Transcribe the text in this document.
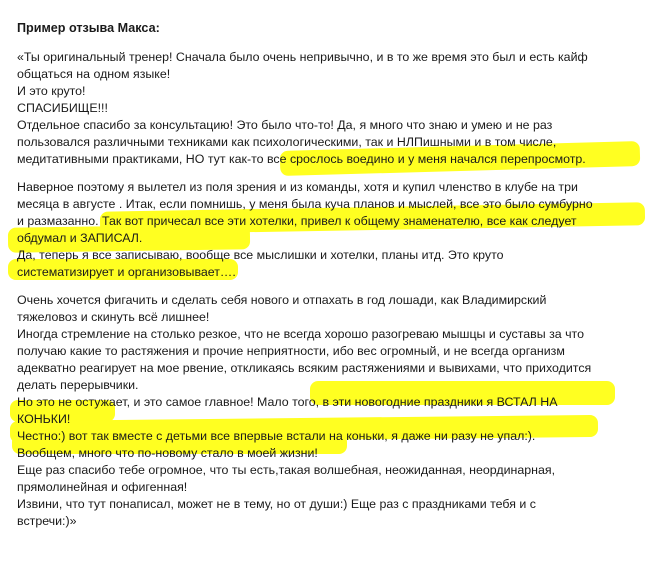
Пример отзыва Макса:
«Ты оригинальный тренер! Сначала было очень непривычно, и в то же время это был и есть кайф
общаться на одном языке!
И это круто!
СПАСИБИЩЕ!!!
Отдельное спасибо за консультацию! Это было что-то! Да, я много что знаю и умею и не раз
пользовался различными техниками как психологическими, так и НЛПишными и в том числе,
медитативными практиками, НО тут как-то все срослось воедино и у меня начался перепросмотр.
Наверное поэтому я вылетел из поля зрения и из команды, хотя и купил членство в клубе на три
месяца в августе . Итак, если помнишь, у меня была куча планов и мыслей, все это было сумбурно
и размазанно. Так вот причесал все эти хотелки, привел к общему знаменателю, все как следует
обдумал и ЗАПИСАЛ.
Да, теперь я все записываю, вообще все мыслишки и хотелки, планы итд. Это круто
систематизирует и организовывает….
Очень хочется фигачить и сделать себя нового и отпахать в год лошади, как Владимирский
тяжеловоз и скинуть всё лишнее!
Иногда стремление на столько резкое, что не всегда хорошо разогреваю мышцы и суставы за что
получаю какие то растяжения и прочие неприятности, ибо вес огромный, и не всегда организм
адекватно реагирует на мое рвение, откликаясь всяким растяжениями и вывихами, что приходится
делать перерывчики.
Но это не остужает, и это самое главное! Мало того, в эти новогодние праздники я ВСТАЛ НА
КОНЬКИ!
Честно:) вот так вместе с детьми все впервые встали на коньки, я даже ни разу не упал:).
Вообщем, много что по-новому стало в моей жизни!
Еще раз спасибо тебе огромное, что ты есть,такая волшебная, неожиданная, неординарная,
прямолинейная и офигенная!
Извини, что тут понаписал, может не в тему, но от души:) Еще раз с праздниками тебя и с
встречи:)»
